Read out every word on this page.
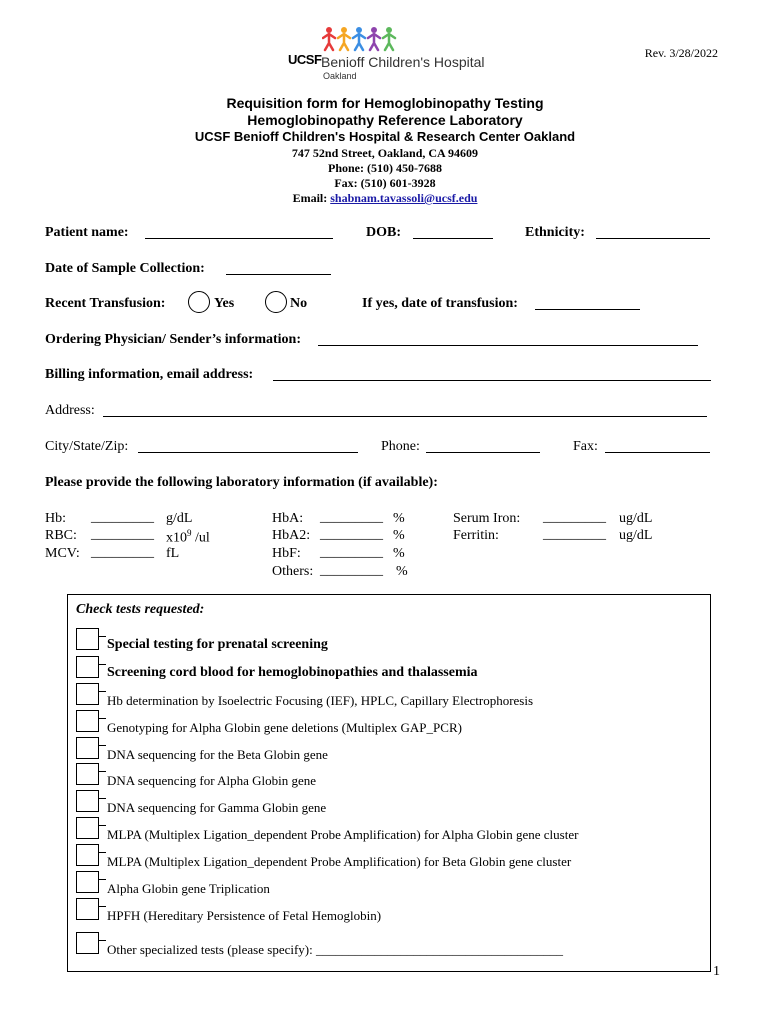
UCSF Benioff Children's Hospital
Oakland
Rev. 3/28/2022
Requisition form for Hemoglobinopathy Testing
Hemoglobinopathy Reference Laboratory
UCSF Benioff Children's Hospital & Research Center Oakland
747 52nd Street, Oakland, CA 94609
Phone: (510) 450-7688
Fax: (510) 601-3928
Email: shabnam.tavassoli@ucsf.edu
Patient name:	DOB:	Ethnicity:
Date of Sample Collection:
Recent Transfusion:	Yes	No	If yes, date of transfusion:
Ordering Physician/ Sender’s information:
Billing information, email address:
Address:
City/State/Zip:	Phone:	Fax:
Please provide the following laboratory information (if available):
Hb: _________ g/dL
RBC: _________ $x10^9$ /ul
MCV: _________ fL
HbA: _________ %
HbA2: _________ %
HbF: _________ %
Others: _________ %
Serum Iron: _________ ug/dL
Ferritin:	_________ ug/dL
Check tests requested:
Special testing for prenatal screening
Screening cord blood for hemoglobinopathies and thalassemia
Hb determination by Isoelectric Focusing (IEF), HPLC, Capillary Electrophoresis
Genotyping for Alpha Globin gene deletions (Multiplex GAP_PCR)
DNA sequencing for the Beta Globin gene
DNA sequencing for Alpha Globin gene
DNA sequencing for Gamma Globin gene
MLPA (Multiplex Ligation_dependent Probe Amplification) for Alpha Globin gene cluster
MLPA (Multiplex Ligation_dependent Probe Amplification) for Beta Globin gene cluster
Alpha Globin gene Triplication
HPFH (Hereditary Persistence of Fetal Hemoglobin)
Other specialized tests (please specify): ______________________________________
1
